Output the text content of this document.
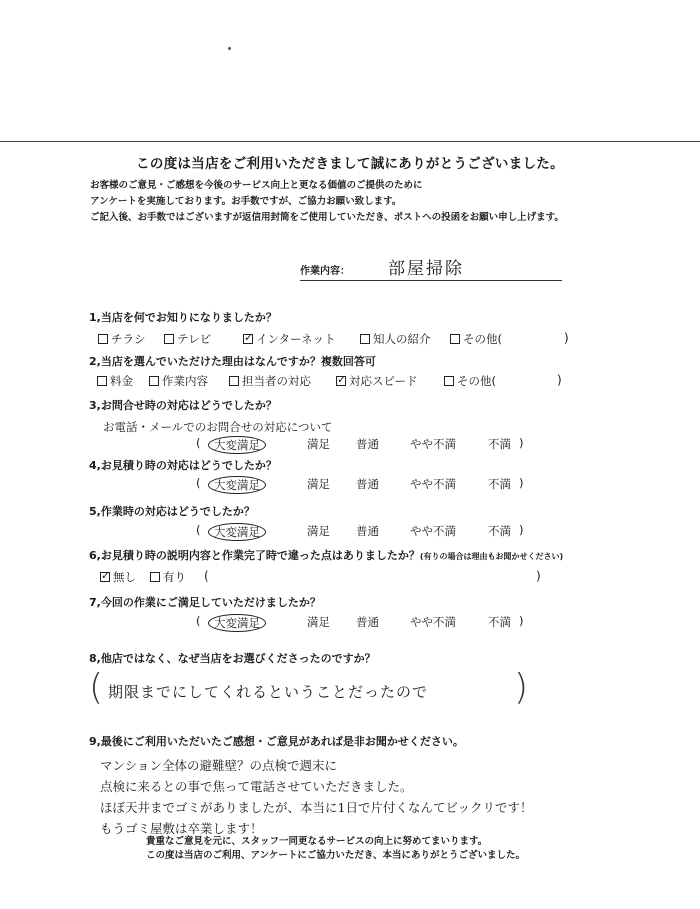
この度は当店をご利用いただきまして誠にありがとうございました。
お客様のご意見・ご感想を今後のサービス向上と更なる価値のご提供のために
アンケートを実施しております。お手数ですが、ご協力お願い致します。
ご記入後、お手数ではございますが返信用封筒をご使用していただき、ポストへの投函をお願い申し上げます。
作業内容： 部屋掃除
1,当店を何でお知りになりましたか？
チラシ	テレビ ✓	インターネット	知人の紹介	その他(	)
2,当店を選んでいただけた理由はなんですか？複数回答可
料金	作業内容	担当者の対応 ✓	対応スピード	その他(	)
3,お問合せ時の対応はどうでしたか？
お電話・メールでのお問合せの対応について
(	大変満足	満足 普通	やや不満	不満 )
4,お見積り時の対応はどうでしたか？
(	大変満足	満足 普通	やや不満	不満 )
5,作業時の対応はどうでしたか？
(	大変満足	満足 普通	やや不満	不満 )
6,お見積り時の説明内容と作業完了時で違った点はありましたか？(有りの場合は理由もお聞かせください)
✓
無し 有り (	)
7,今回の作業にご満足していただけましたか？
(	大変満足	満足 普通	やや不満	不満 )
8,他店ではなく、なぜ当店をお選びくださったのですか？
( 期限までにしてくれるということだったので )
9,最後にご利用いただいたご感想・ご意見があれば是非お聞かせください。
マンション全体の避難壁？の点検で週末に
点検に来るとの事で焦って電話させていただきました。
ほぼ天井までゴミがありましたが、本当に1日で片付くなんてビックリです！
もうゴミ屋敷は卒業します！
貴重なご意見を元に、スタッフ一同更なるサービスの向上に努めてまいります。
この度は当店のご利用、アンケートにご協力いただき、本当にありがとうございました。
